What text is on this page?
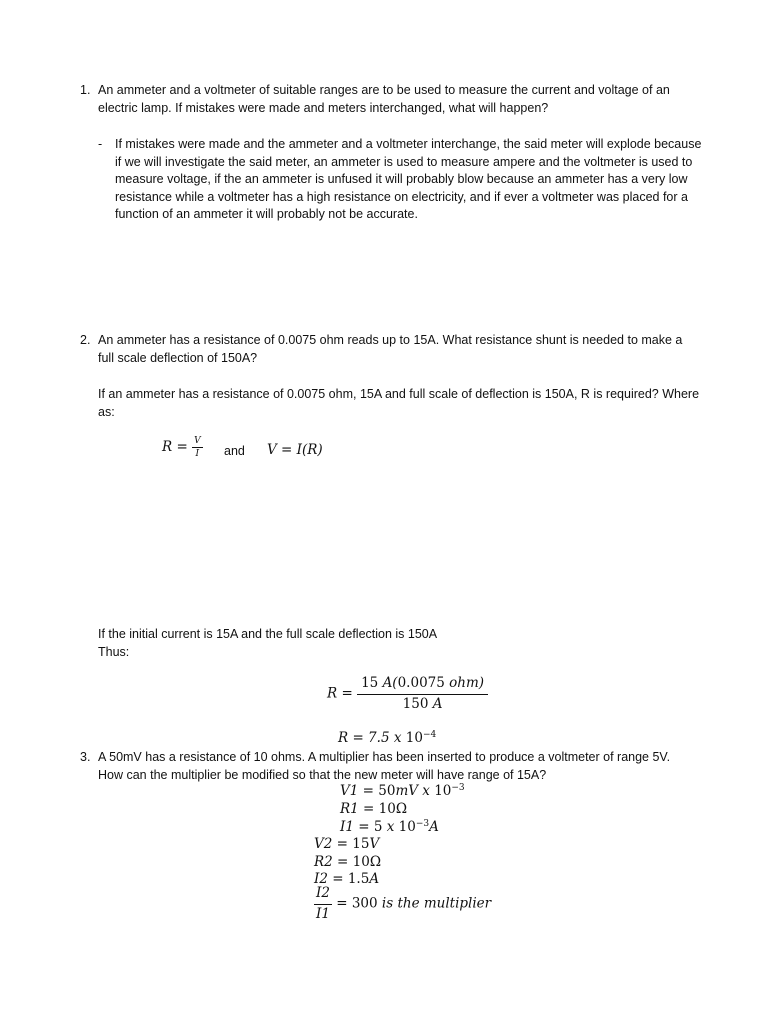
1. An ammeter and a voltmeter of suitable ranges are to be used to measure the current and voltage of an electric lamp. If mistakes were made and meters interchanged, what will happen?

- If mistakes were made and the ammeter and a voltmeter interchange, the said meter will explode because if we will investigate the said meter, an ammeter is used to measure ampere and the voltmeter is used to measure voltage, if the an ammeter is unfused it will probably blow because an ammeter has a very low resistance while a voltmeter has a high resistance on electricity, and if ever a voltmeter was placed for a function of an ammeter it will probably not be accurate.

2. An ammeter has a resistance of 0.0075 ohm reads up to 15A. What resistance shunt is needed to make a full scale deflection of 150A?

If an ammeter has a resistance of 0.0075 ohm, 15A and full scale of deflection is 150A, R is required? Where as:

$R = \frac{V}{I}$ and V = I(R)

If the initial current is 15A and the full scale deflection is 150A

Thus:

$R = \frac{\text{15 A(0.0075 ohm)}}{150 A}$
R = 7.5 x $10^{-4}$
3. A 50mV has a resistance of 10 ohms. A multiplier has been inserted to produce a voltmeter of range 5V. How can the multiplier be modified so that the new meter will have range of 15A?

V1 = 50mV x $10^{-3}$
R1 = 10Ω
I1 = 5 x $10^{-3}A$
V2 = 15V
R2 = 10Ω
I2 = 1.5A
$\frac{I2}{I1} = 300$ is the multiplier
